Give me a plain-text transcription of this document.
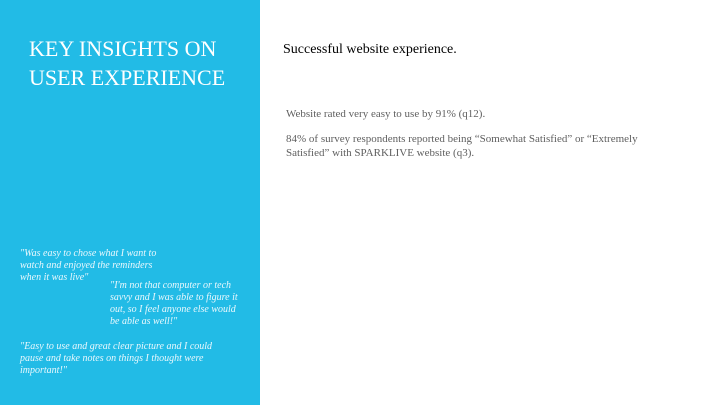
KEY INSIGHTS ON USER EXPERIENCE

"Was easy to chose what I want to watch and enjoyed the reminders when it was live"

"I'm not that computer or tech savvy and I was able to figure it out, so I feel anyone else would be able as well!"

"Easy to use and great clear picture and I could pause and take notes on things I thought were important!"

Successful website experience.
Website rated very easy to use by 91% (q12).
84% of survey respondents reported being “Somewhat Satisfied” or “Extremely Satisfied” with SPARKLIVE website (q3).
